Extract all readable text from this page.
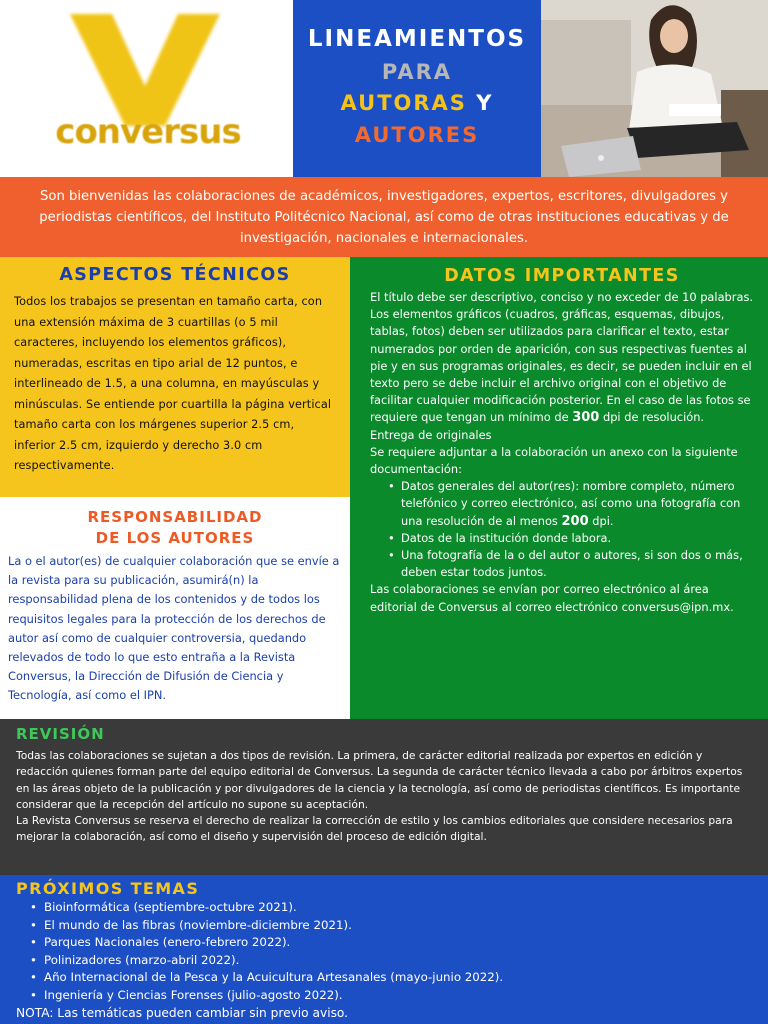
conversus
LINEAMIENTOS
PARA
AUTORAS Y
AUTORES
Son bienvenidas las colaboraciones de académicos, investigadores, expertos, escritores, divulgadores y periodistas científicos, del Instituto Politécnico Nacional, así como de otras instituciones educativas y de investigación, nacionales e internacionales.
ASPECTOS TÉCNICOS

Todos los trabajos se presentan en tamaño carta, con una extensión máxima de 3 cuartillas (o 5 mil caracteres, incluyendo los elementos gráficos), numeradas, escritas en tipo arial de 12 puntos, e interlineado de 1.5, a una columna, en mayúsculas y minúsculas. Se entiende por cuartilla la página vertical tamaño carta con los márgenes superior 2.5 cm, inferior 2.5 cm, izquierdo y derecho 3.0 cm respectivamente.

RESPONSABILIDAD
DE LOS AUTORES

La o el autor(es) de cualquier colaboración que se envíe a la revista para su publicación, asumirá(n) la responsabilidad plena de los contenidos y de todos los requisitos legales para la protección de los derechos de autor así como de cualquier controversia, quedando relevados de todo lo que esto entraña a la Revista Conversus, la Dirección de Difusión de Ciencia y Tecnología, así como el IPN.

DATOS IMPORTANTES
El título debe ser descriptivo, conciso y no exceder de 10 palabras. Los elementos gráficos (cuadros, gráficas, esquemas, dibujos, tablas, fotos) deben ser utilizados para clarificar el texto, estar numerados por orden de aparición, con sus respectivas fuentes al pie y en sus programas originales, es decir, se pueden incluir en el texto pero se debe incluir el archivo original con el objetivo de facilitar cualquier modificación posterior. En el caso de las fotos se requiere que tengan un mínimo de 300 dpi de resolución.
Entrega de originales
Se requiere adjuntar a la colaboración un anexo con la siguiente documentación:
• Datos generales del autor(res): nombre completo, número telefónico y correo electrónico, así como una fotografía con una resolución de al menos 200 dpi.
• Datos de la institución donde labora.
• Una fotografía de la o del autor o autores, si son dos o más, deben estar todos juntos.
Las colaboraciones se envían por correo electrónico al área editorial de Conversus al correo electrónico conversus@ipn.mx.
REVISIÓN

Todas las colaboraciones se sujetan a dos tipos de revisión. La primera, de carácter editorial realizada por expertos en edición y redacción quienes forman parte del equipo editorial de Conversus. La segunda de carácter técnico llevada a cabo por árbitros expertos en las áreas objeto de la publicación y por divulgadores de la ciencia y la tecnología, así como de periodistas científicos. Es importante considerar que la recepción del artículo no supone su aceptación.

La Revista Conversus se reserva el derecho de realizar la corrección de estilo y los cambios editoriales que considere necesarios para mejorar la colaboración, así como el diseño y supervisión del proceso de edición digital.

PRÓXIMOS TEMAS
• Bioinformática (septiembre-octubre 2021).
• El mundo de las fibras (noviembre-diciembre 2021).
• Parques Nacionales (enero-febrero 2022).
• Polinizadores (marzo-abril 2022).
• Año Internacional de la Pesca y la Acuicultura Artesanales (mayo-junio 2022).
• Ingeniería y Ciencias Forenses (julio-agosto 2022).
NOTA: Las temáticas pueden cambiar sin previo aviso.
